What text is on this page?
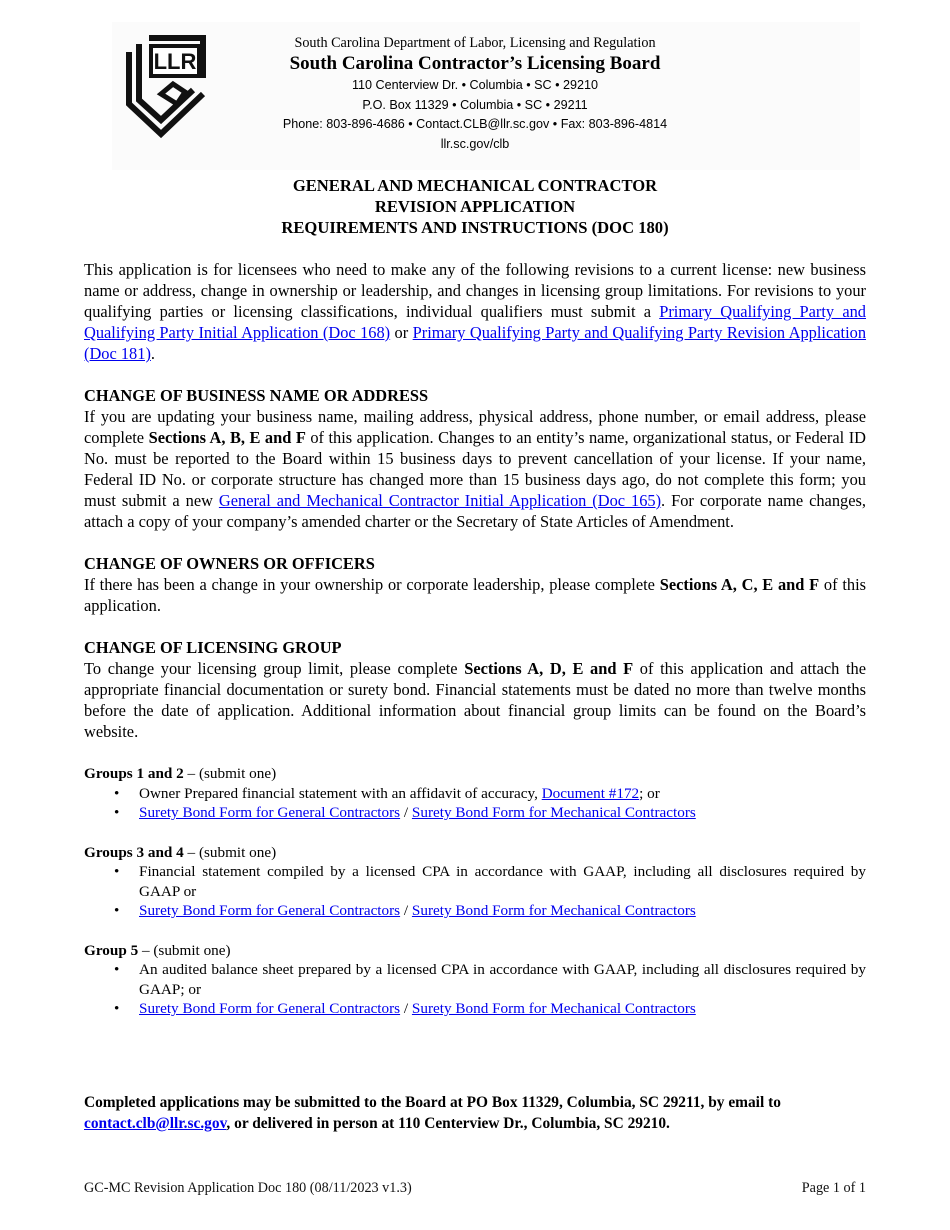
LLR
South Carolina Department of Labor, Licensing and Regulation
South Carolina Contractor’s Licensing Board
110 Centerview Dr. • Columbia • SC • 29210
P.O. Box 11329 • Columbia • SC • 29211
Phone: 803-896-4686 • Contact.CLB@llr.sc.gov • Fax: 803-896-4814
llr.sc.gov/clb
GENERAL AND MECHANICAL CONTRACTOR
REVISION APPLICATION
REQUIREMENTS AND INSTRUCTIONS (DOC 180)

This application is for licensees who need to make any of the following revisions to a current license: new business name or address, change in ownership or leadership, and changes in licensing group limitations. For revisions to your qualifying parties or licensing classifications, individual qualifiers must submit a Primary Qualifying Party and Qualifying Party Initial Application (Doc 168) or Primary Qualifying Party and Qualifying Party Revision Application (Doc 181).

CHANGE OF BUSINESS NAME OR ADDRESS

If you are updating your business name, mailing address, physical address, phone number, or email address, please complete Sections A, B, E and F of this application. Changes to an entity’s name, organizational status, or Federal ID No. must be reported to the Board within 15 business days to prevent cancellation of your license. If your name, Federal ID No. or corporate structure has changed more than 15 business days ago, do not complete this form; you must submit a new General and Mechanical Contractor Initial Application (Doc 165). For corporate name changes, attach a copy of your company’s amended charter or the Secretary of State Articles of Amendment.

CHANGE OF OWNERS OR OFFICERS

If there has been a change in your ownership or corporate leadership, please complete Sections A, C, E and F of this application.

CHANGE OF LICENSING GROUP

To change your licensing group limit, please complete Sections A, D, E and F of this application and attach the appropriate financial documentation or surety bond. Financial statements must be dated no more than twelve months before the date of application. Additional information about financial group limits can be found on the Board’s website.

Groups 1 and 2 – (submit one)
• Owner Prepared financial statement with an affidavit of accuracy, Document #172; or
• Surety Bond Form for General Contractors / Surety Bond Form for Mechanical Contractors
Groups 3 and 4 – (submit one)
• Financial statement compiled by a licensed CPA in accordance with GAAP, including all disclosures required by GAAP or
• Surety Bond Form for General Contractors / Surety Bond Form for Mechanical Contractors
Group 5 – (submit one)
• An audited balance sheet prepared by a licensed CPA in accordance with GAAP, including all disclosures required by GAAP; or
• Surety Bond Form for General Contractors / Surety Bond Form for Mechanical Contractors
Completed applications may be submitted to the Board at PO Box 11329, Columbia, SC 29211, by email to contact.clb@llr.sc.gov, or delivered in person at 110 Centerview Dr., Columbia, SC 29210.
GC-MC Revision Application Doc 180 (08/11/2023 v1.3)	Page 1 of 1
